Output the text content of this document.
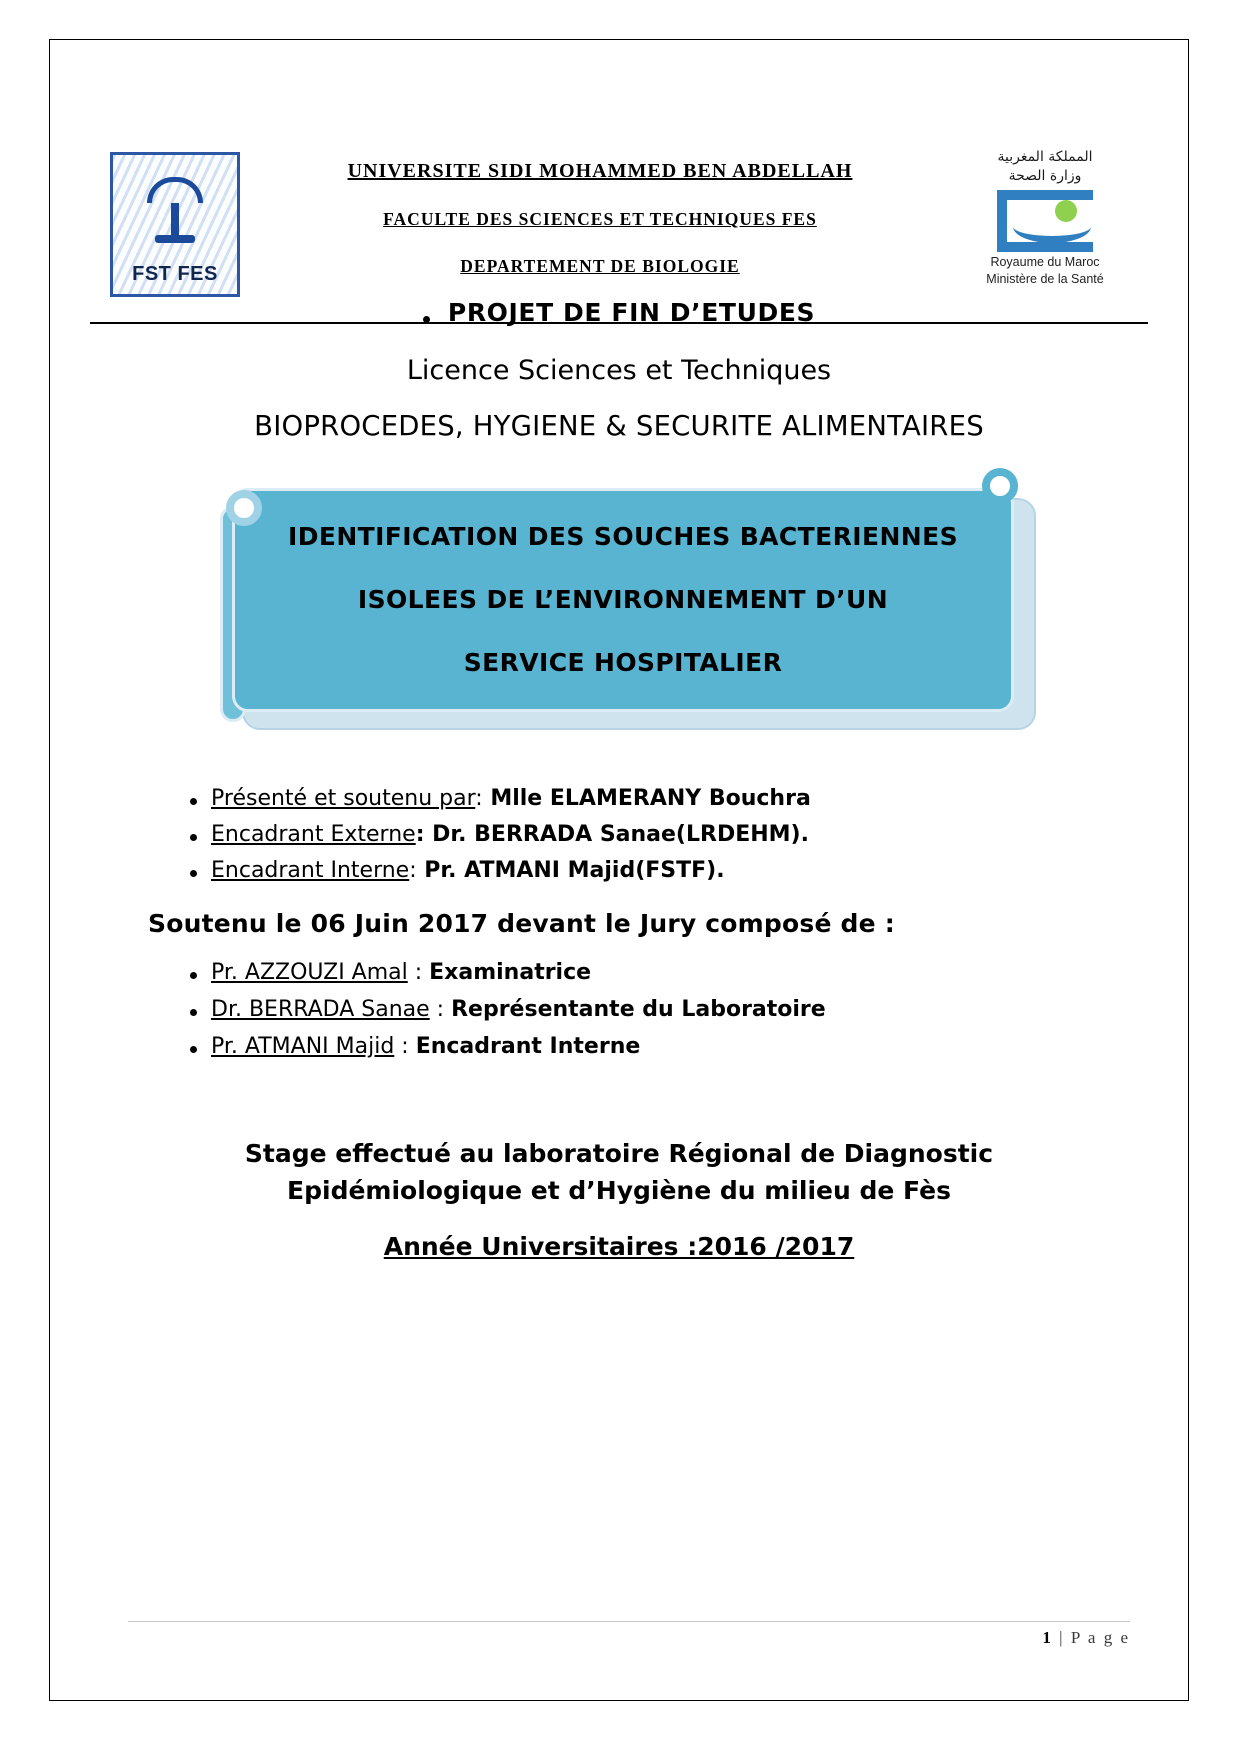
FST FES
UNIVERSITE SIDI MOHAMMED BEN ABDELLAH
FACULTE DES SCIENCES ET TECHNIQUES FES
DEPARTEMENT DE BIOLOGIE
المملكة المغربية
وزارة الصحة
Royaume du Maroc
Ministère de la Santé
PROJET DE FIN D’ETUDES
Licence Sciences et Techniques
BIOPROCEDES, HYGIENE & SECURITE ALIMENTAIRES
IDENTIFICATION DES SOUCHES BACTERIENNES
ISOLEES DE L’ENVIRONNEMENT D’UN
SERVICE HOSPITALIER
Présenté et soutenu par: Mlle ELAMERANY Bouchra
Encadrant Externe: Dr. BERRADA Sanae(LRDEHM).
Encadrant Interne: Pr. ATMANI Majid(FSTF).
Soutenu le 06 Juin 2017 devant le Jury composé de :
Pr. AZZOUZI Amal : Examinatrice
Dr. BERRADA Sanae : Représentante du Laboratoire
Pr. ATMANI Majid : Encadrant Interne
Stage effectué au laboratoire Régional de Diagnostic
Epidémiologique et d’Hygiène du milieu de Fès
Année Universitaires :2016 /2017
1 | P a g e
